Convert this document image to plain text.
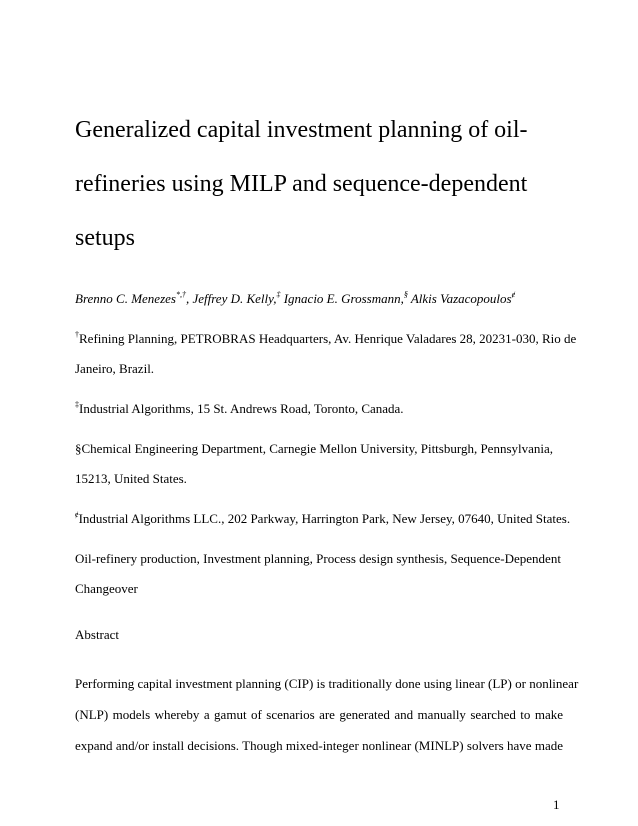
Generalized capital investment planning of oil-
refineries using MILP and sequence-dependent
setups
Brenno C. Menezes*,†, Jeffrey D. Kelly,‡ Ignacio E. Grossmann,§ Alkis Vazacopoulos$^ɇ$
†Refining Planning, PETROBRAS Headquarters, Av. Henrique Valadares 28, 20231-030, Rio de
Janeiro, Brazil.
‡Industrial Algorithms, 15 St. Andrews Road, Toronto, Canada.
§Chemical Engineering Department, Carnegie Mellon University, Pittsburgh, Pennsylvania,
15213, United States.
$^ɇ$Industrial Algorithms LLC., 202 Parkway, Harrington Park, New Jersey, 07640, United States.
Oil-refinery production, Investment planning, Process design synthesis, Sequence-Dependent
Changeover
Abstract
Performing capital investment planning (CIP) is traditionally done using linear (LP) or nonlinear
(NLP) models whereby a gamut of scenarios are generated and manually searched to make
expand and/or install decisions. Though mixed-integer nonlinear (MINLP) solvers have made
1
